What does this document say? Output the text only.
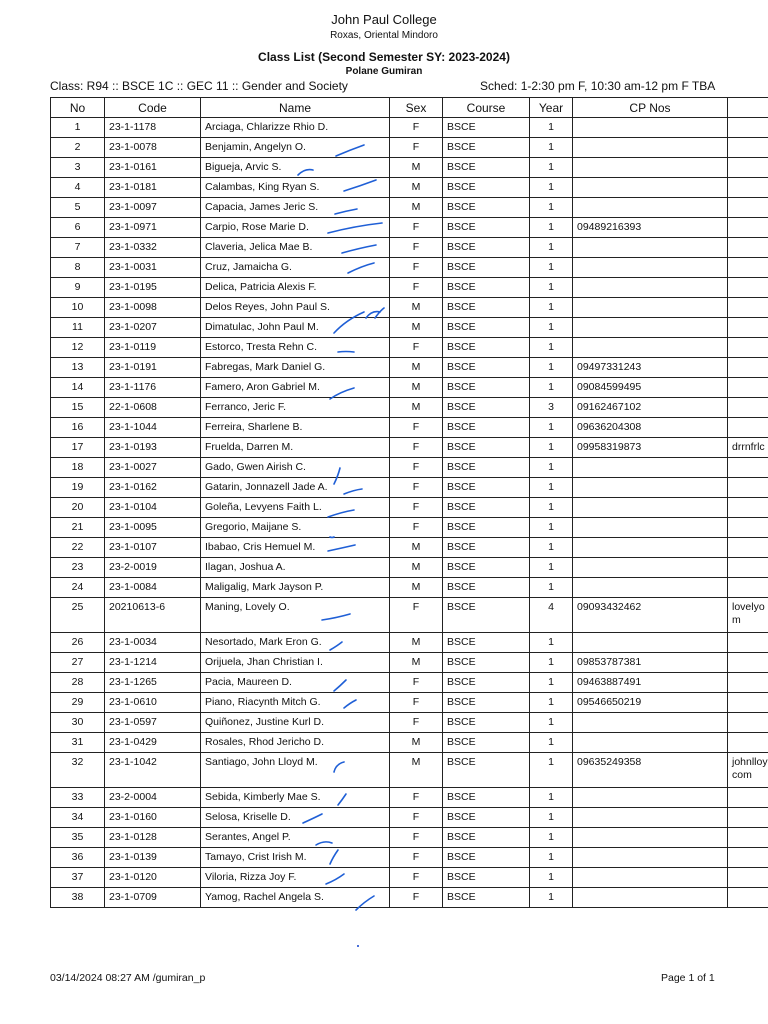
John Paul College
Roxas, Oriental Mindoro
Class List (Second Semester SY: 2023-2024)
Polane Gumiran
Class: R94 :: BSCE 1C :: GEC 11 :: Gender and Society	Sched: 1-2:30 pm F, 10:30 am-12 pm F TBA
No	Code	Name	Sex	Course	Year	CP Nos	
1	23-1-1178	Arciaga, Chlarizze Rhio D.	F	BSCE	1		
2	23-1-0078	Benjamin, Angelyn O.	F	BSCE	1		
3	23-1-0161	Bigueja, Arvic S.	M	BSCE	1		
4	23-1-0181	Calambas, King Ryan S.	M	BSCE	1		
5	23-1-0097	Capacia, James Jeric S.	M	BSCE	1		
6	23-1-0971	Carpio, Rose Marie D.	F	BSCE	1	09489216393	
7	23-1-0332	Claveria, Jelica Mae B.	F	BSCE	1		
8	23-1-0031	Cruz, Jamaicha G.	F	BSCE	1		
9	23-1-0195	Delica, Patricia Alexis F.	F	BSCE	1		
10	23-1-0098	Delos Reyes, John Paul S.	M	BSCE	1		
11	23-1-0207	Dimatulac, John Paul M.	M	BSCE	1		
12	23-1-0119	Estorco, Tresta Rehn C.	F	BSCE	1		
13	23-1-0191	Fabregas, Mark Daniel G.	M	BSCE	1	09497331243	
14	23-1-1176	Famero, Aron Gabriel M.	M	BSCE	1	09084599495	
15	22-1-0608	Ferranco, Jeric F.	M	BSCE	3	09162467102	
16	23-1-1044	Ferreira, Sharlene B.	F	BSCE	1	09636204308	
17	23-1-0193	Fruelda, Darren M.	F	BSCE	1	09958319873	drrnfrlc
18	23-1-0027	Gado, Gwen Airish C.	F	BSCE	1		
19	23-1-0162	Gatarin, Jonnazell Jade A.	F	BSCE	1		
20	23-1-0104	Goleña, Levyens Faith L.	F	BSCE	1		
21	23-1-0095	Gregorio, Maijane S.	F	BSCE	1		
22	23-1-0107	Ibabao, Cris Hemuel M.	M	BSCE	1		
23	23-2-0019	Ilagan, Joshua A.	M	BSCE	1		
24	23-1-0084	Maligalig, Mark Jayson P.	M	BSCE	1		
25	20210613-6	Maning, Lovely O.	F	BSCE	4	09093432462	lovelyo m
26	23-1-0034	Nesortado, Mark Eron G.	M	BSCE	1		
27	23-1-1214	Orijuela, Jhan Christian I.	M	BSCE	1	09853787381	
28	23-1-1265	Pacia, Maureen D.	F	BSCE	1	09463887491	
29	23-1-0610	Piano, Riacynth Mitch G.	F	BSCE	1	09546650219	
30	23-1-0597	Quiñonez, Justine Kurl D.	F	BSCE	1		
31	23-1-0429	Rosales, Rhod Jericho D.	M	BSCE	1		
32	23-1-1042	Santiago, John Lloyd M.	M	BSCE	1	09635249358	johnlloy com
33	23-2-0004	Sebida, Kimberly Mae S.	F	BSCE	1		
34	23-1-0160	Selosa, Kriselle D.	F	BSCE	1		
35	23-1-0128	Serantes, Angel P.	F	BSCE	1		
36	23-1-0139	Tamayo, Crist Irish M.	F	BSCE	1		
37	23-1-0120	Viloria, Rizza Joy F.	F	BSCE	1		
38	23-1-0709	Yamog, Rachel Angela S.	F	BSCE	1		
03/14/2024 08:27 AM /gumiran_p	Page 1 of 1
